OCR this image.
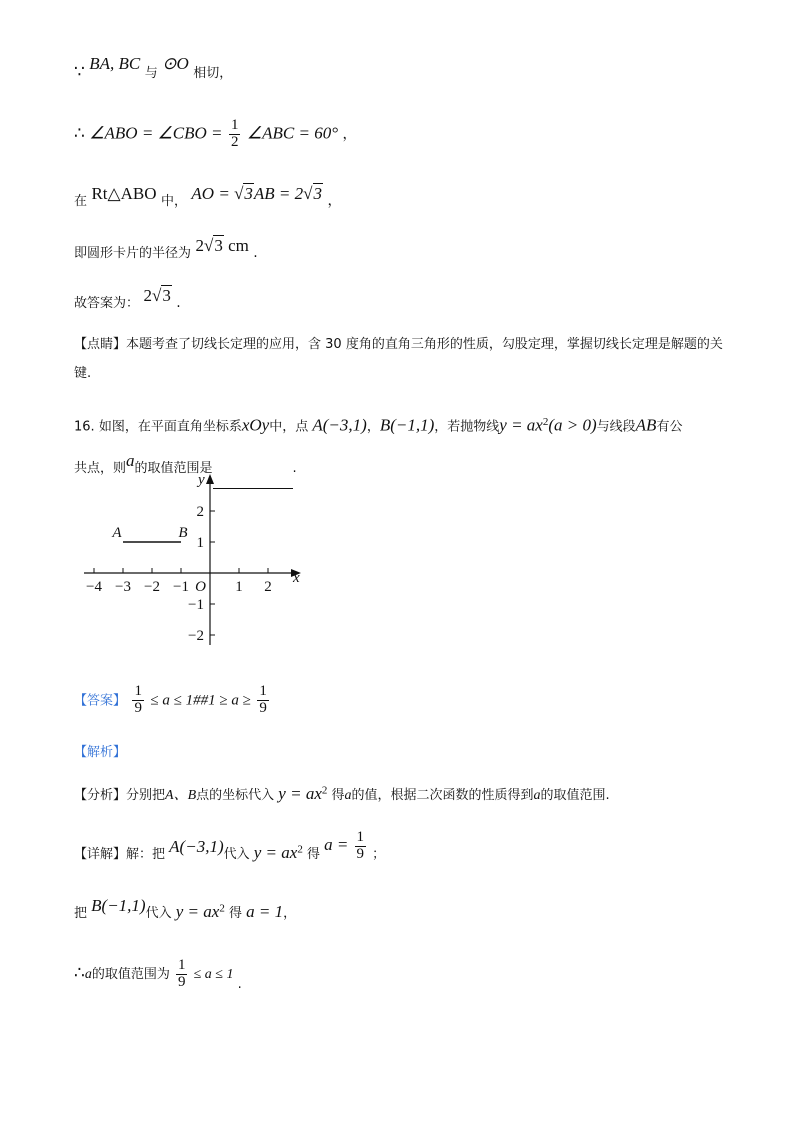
∵ BA, BC 与 ⊙O 相切，
∴ ∠ABO = ∠CBO = $\frac{1}{2}$ ∠ABC = 60° ，
在 Rt△ABO 中， AO = √3AB = 2√3 ，
即圆形卡片的半径为 2√3 cm .
故答案为： 2√3 .
【点睛】本题考查了切线长定理的应用，含 30 度角的直角三角形的性质，勾股定理，掌握切线长定理是解题的关键.
16. 如图，在平面直角坐标系xOy中，点 A(−3,1)，B(−1,1)，若抛物线$y = ax^2(a > 0)$与线段AB有公
共点，则a的取值范围是	.
−4 −3 −2 −1	1 2
2
1
−1
−2
O
x
y
A	B
【答案】 $\frac{1}{9} \le a$ ≤ 1##1 ≥ $a \ge \frac{1}{9}$
【解析】
【分析】分别把A、B点的坐标代入 $y = ax^2$ 得a的值，根据二次函数的性质得到a的取值范围.
【详解】解：把 A(−3,1)代入 $y = ax^2$ 得 $a = \frac{1}{9}$ ；
把 B(−1,1)代入 $y = ax^2$ 得 a = 1，
∴a的取值范围为 $\frac{1}{9} \le a \le 1$ .
